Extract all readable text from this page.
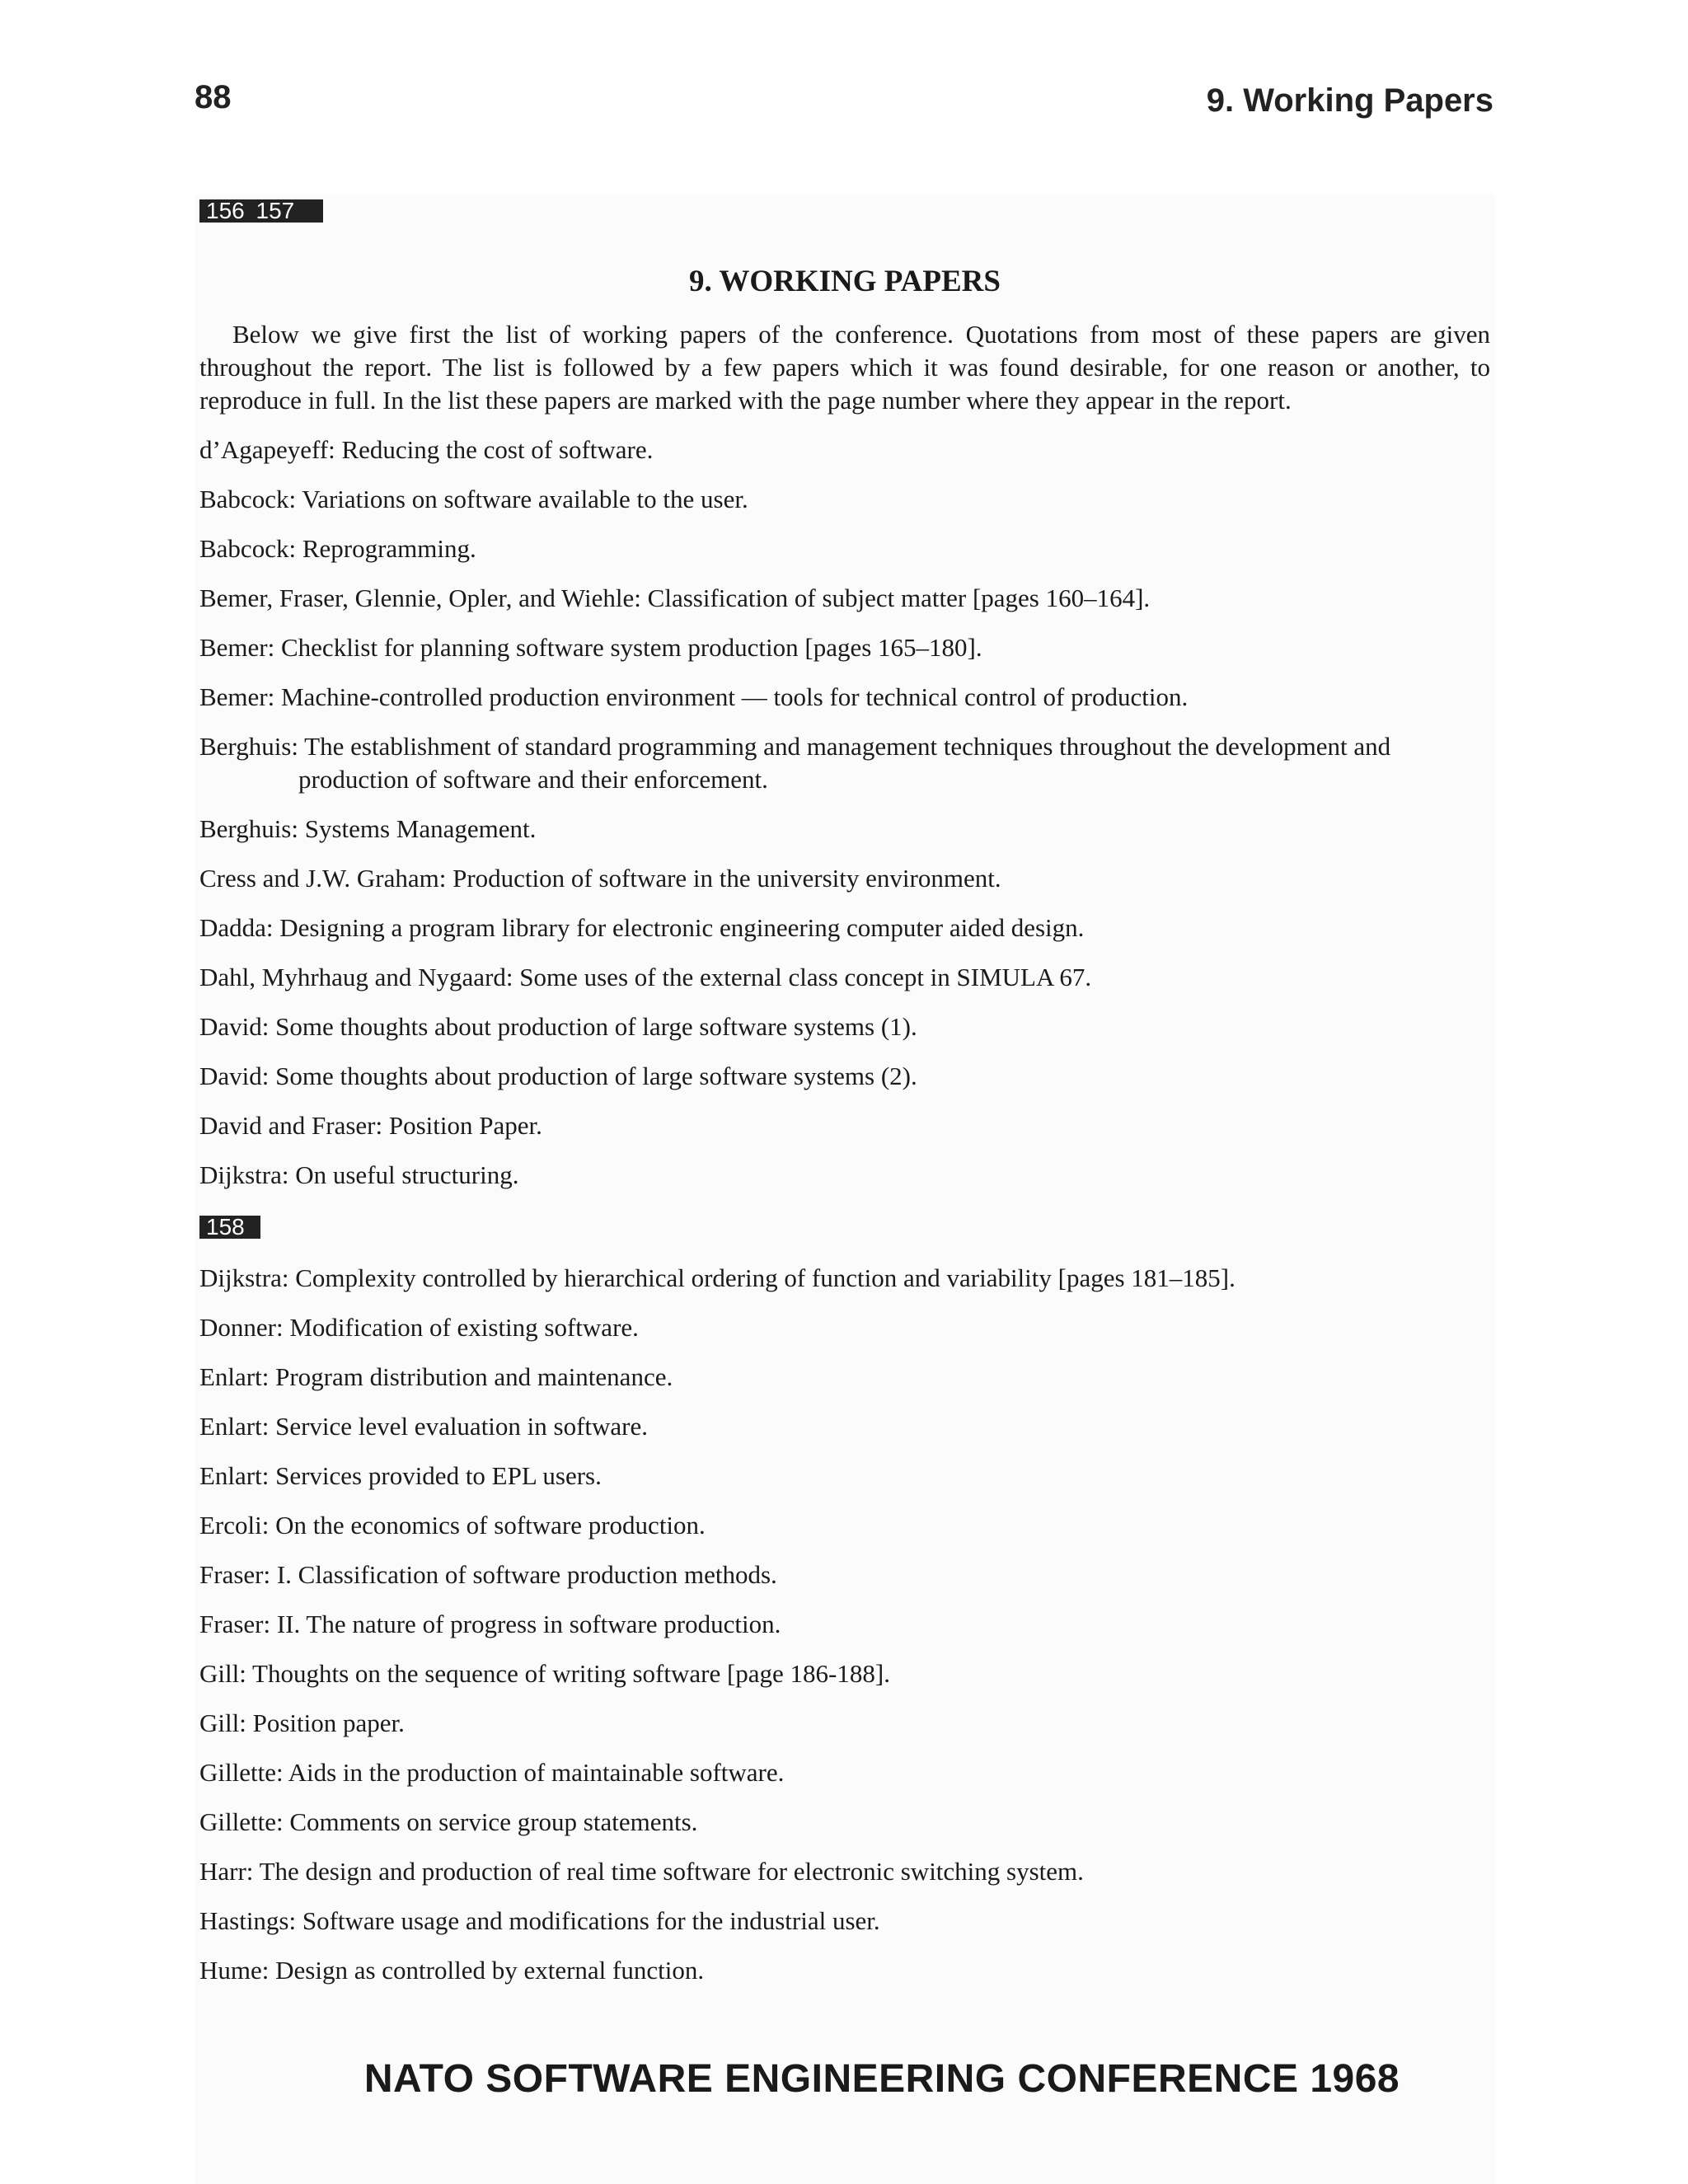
88	9. Working Papers
156 157
9. WORKING PAPERS

Below we give first the list of working papers of the conference. Quotations from most of these papers are given throughout the report. The list is followed by a few papers which it was found desirable, for one reason or another, to reproduce in full. In the list these papers are marked with the page number where they appear in the report.

d’Agapeyeff: Reducing the cost of software.

Babcock: Variations on software available to the user.

Babcock: Reprogramming.

Bemer, Fraser, Glennie, Opler, and Wiehle: Classification of subject matter [pages 160–164].

Bemer: Checklist for planning software system production [pages 165–180].

Bemer: Machine-controlled production environment — tools for technical control of production.

Berghuis: The establishment of standard programming and management techniques throughout the development and production of software and their enforcement.

Berghuis: Systems Management.

Cress and J.W. Graham: Production of software in the university environment.

Dadda: Designing a program library for electronic engineering computer aided design.

Dahl, Myhrhaug and Nygaard: Some uses of the external class concept in SIMULA 67.

David: Some thoughts about production of large software systems (1).

David: Some thoughts about production of large software systems (2).

David and Fraser: Position Paper.

Dijkstra: On useful structuring.

158

Dijkstra: Complexity controlled by hierarchical ordering of function and variability [pages 181–185].

Donner: Modification of existing software.

Enlart: Program distribution and maintenance.

Enlart: Service level evaluation in software.

Enlart: Services provided to EPL users.

Ercoli: On the economics of software production.

Fraser: I. Classification of software production methods.

Fraser: II. The nature of progress in software production.

Gill: Thoughts on the sequence of writing software [page 186-188].

Gill: Position paper.

Gillette: Aids in the production of maintainable software.

Gillette: Comments on service group statements.

Harr: The design and production of real time software for electronic switching system.

Hastings: Software usage and modifications for the industrial user.

Hume: Design as controlled by external function.

NATO SOFTWARE ENGINEERING CONFERENCE 1968
